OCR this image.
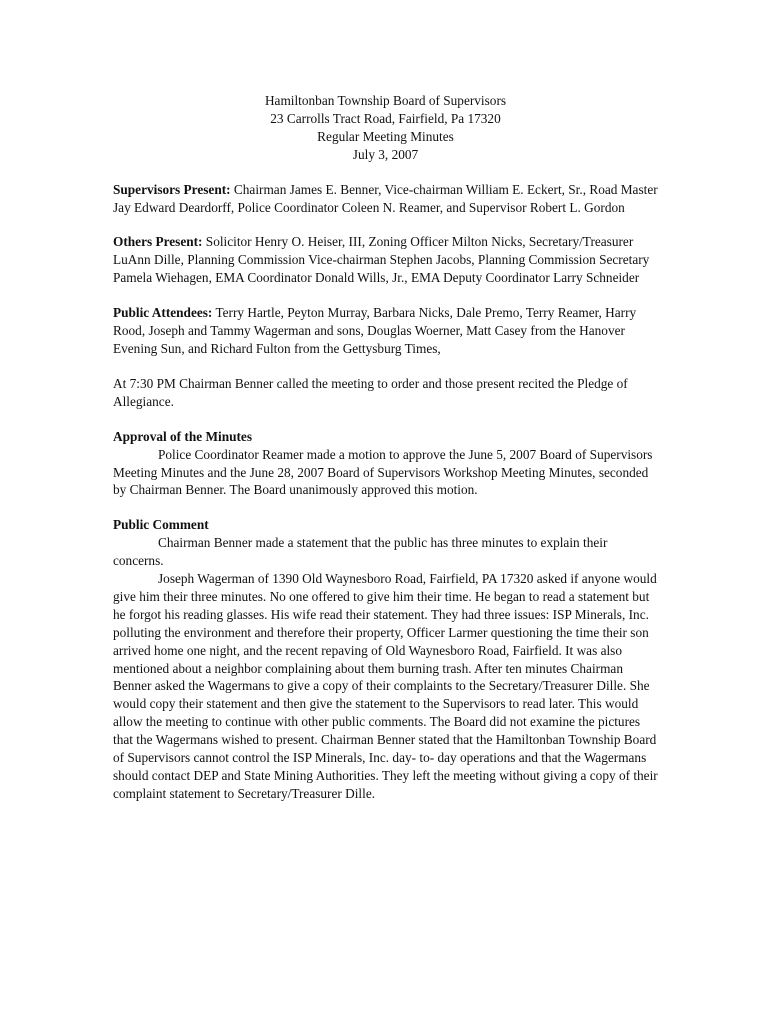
Hamiltonban Township Board of Supervisors
23 Carrolls Tract Road, Fairfield, Pa 17320
Regular Meeting Minutes
July 3, 2007

Supervisors Present: Chairman James E. Benner, Vice-chairman William E. Eckert, Sr., Road Master Jay Edward Deardorff, Police Coordinator Coleen N. Reamer, and Supervisor Robert L. Gordon

Others Present: Solicitor Henry O. Heiser, III, Zoning Officer Milton Nicks, Secretary/Treasurer LuAnn Dille, Planning Commission Vice-chairman Stephen Jacobs, Planning Commission Secretary Pamela Wiehagen, EMA Coordinator Donald Wills, Jr., EMA Deputy Coordinator Larry Schneider

Public Attendees: Terry Hartle, Peyton Murray, Barbara Nicks, Dale Premo, Terry Reamer, Harry Rood, Joseph and Tammy Wagerman and sons, Douglas Woerner, Matt Casey from the Hanover Evening Sun, and Richard Fulton from the Gettysburg Times,

At 7:30 PM Chairman Benner called the meeting to order and those present recited the Pledge of Allegiance.

Approval of the Minutes

Police Coordinator Reamer made a motion to approve the June 5, 2007 Board of Supervisors Meeting Minutes and the June 28, 2007 Board of Supervisors Workshop Meeting Minutes, seconded by Chairman Benner. The Board unanimously approved this motion.

Public Comment

Chairman Benner made a statement that the public has three minutes to explain their concerns.

Joseph Wagerman of 1390 Old Waynesboro Road, Fairfield, PA 17320 asked if anyone would give him their three minutes. No one offered to give him their time. He began to read a statement but he forgot his reading glasses. His wife read their statement. They had three issues: ISP Minerals, Inc. polluting the environment and therefore their property, Officer Larmer questioning the time their son arrived home one night, and the recent repaving of Old Waynesboro Road, Fairfield. It was also mentioned about a neighbor complaining about them burning trash. After ten minutes Chairman Benner asked the Wagermans to give a copy of their complaints to the Secretary/Treasurer Dille. She would copy their statement and then give the statement to the Supervisors to read later. This would allow the meeting to continue with other public comments. The Board did not examine the pictures that the Wagermans wished to present. Chairman Benner stated that the Hamiltonban Township Board of Supervisors cannot control the ISP Minerals, Inc. day- to- day operations and that the Wagermans should contact DEP and State Mining Authorities. They left the meeting without giving a copy of their complaint statement to Secretary/Treasurer Dille.
